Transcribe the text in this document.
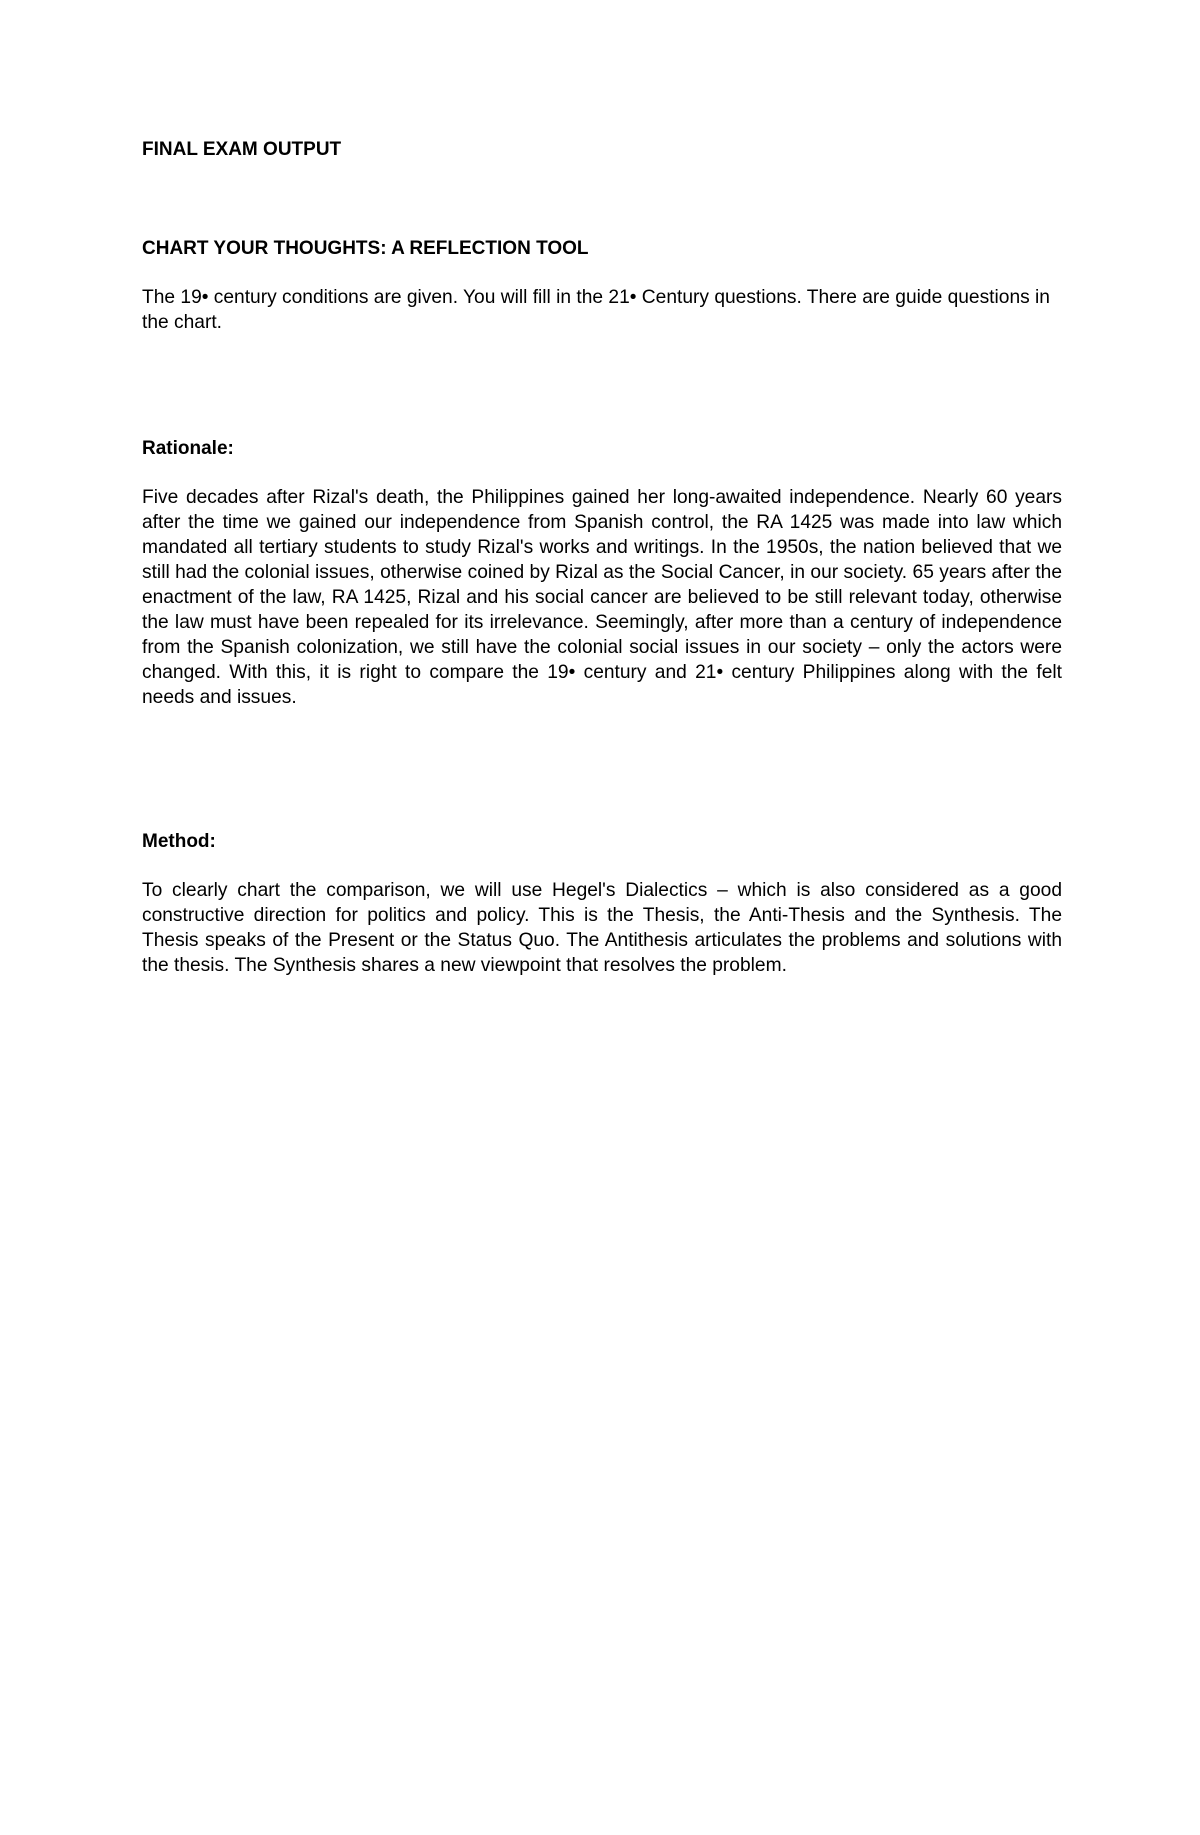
FINAL EXAM OUTPUT

CHART YOUR THOUGHTS: A REFLECTION TOOL

The 19• century conditions are given. You will fill in the 21• Century questions. There are guide questions in the chart.

Rationale:

Five decades after Rizal's death, the Philippines gained her long-awaited independence. Nearly 60 years after the time we gained our independence from Spanish control, the RA 1425 was made into law which mandated all tertiary students to study Rizal's works and writings. In the 1950s, the nation believed that we still had the colonial issues, otherwise coined by Rizal as the Social Cancer, in our society. 65 years after the enactment of the law, RA 1425, Rizal and his social cancer are believed to be still relevant today, otherwise the law must have been repealed for its irrelevance. Seemingly, after more than a century of independence from the Spanish colonization, we still have the colonial social issues in our society – only the actors were changed. With this, it is right to compare the 19• century and 21• century Philippines along with the felt needs and issues.

Method:

To clearly chart the comparison, we will use Hegel's Dialectics – which is also considered as a good constructive direction for politics and policy. This is the Thesis, the Anti-Thesis and the Synthesis. The Thesis speaks of the Present or the Status Quo. The Antithesis articulates the problems and solutions with the thesis. The Synthesis shares a new viewpoint that resolves the problem.
